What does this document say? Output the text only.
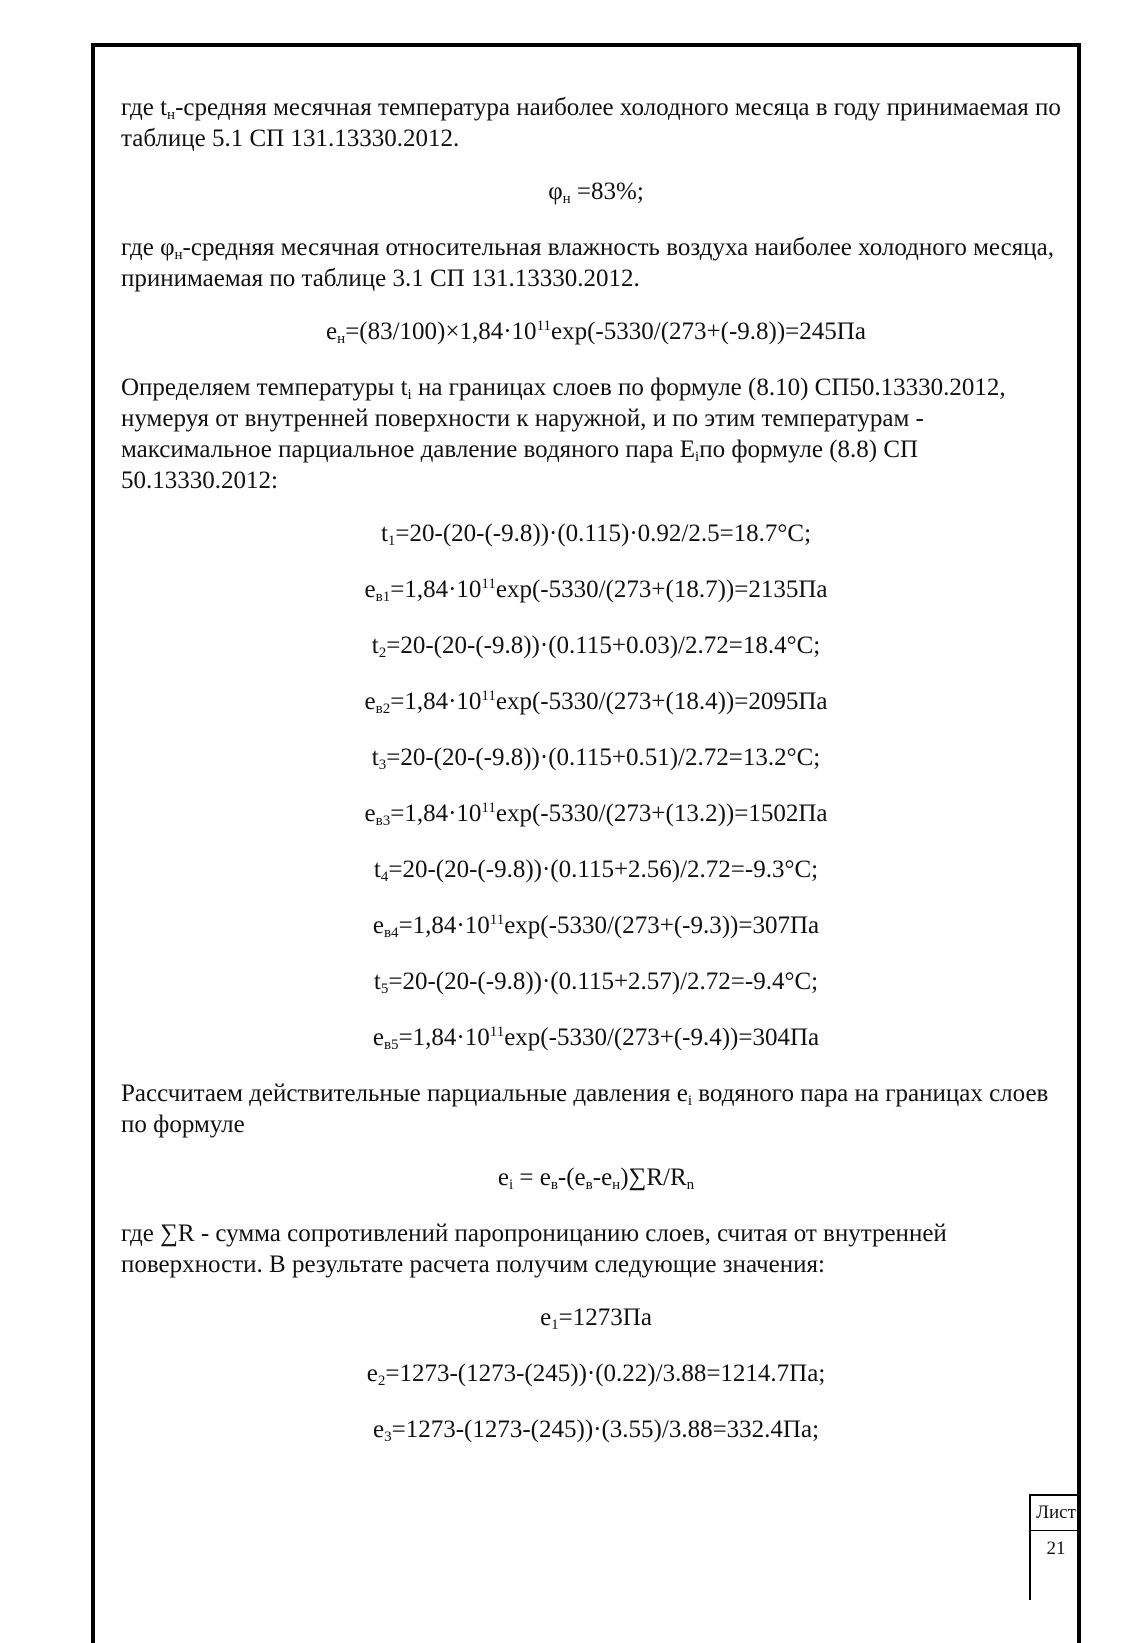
где $t_н$-средняя месячная температура наиболее холодного месяца в году принимаемая по таблице 5.1 СП 131.13330.2012.

$\varphi_н =83\%$;

где $\varphi_н$-средняя месячная относительная влажность воздуха наиболее холодного месяца, принимаемая по таблице 3.1 СП 131.13330.2012.

$e_н=(83/100)\times 1,84\cdot 10^{11}\exp(-5330/(273+(-9.8))=245Па$

Определяем температуры $t_i$ на границах слоев по формуле (8.10) СП50.13330.2012, нумеруя от внутренней поверхности к наружной, и по этим температурам - максимальное парциальное давление водяного пара $E_iпо$ формуле (8.8) СП 50.13330.2012:

$t_1=20-(20-(-9.8))\cdot(0.115)\cdot 0.92/2.5=18.7^\circ C$;

$e_{в1}=1,84\cdot 10^{11}\exp(-5330/(273+(18.7))=2135Па$

$t_2=20-(20-(-9.8))\cdot(0.115+0.03)/2.72=18.4^\circ C$;

$e_{в2}=1,84\cdot 10^{11}\exp(-5330/(273+(18.4))=2095Па$

$t_3=20-(20-(-9.8))\cdot(0.115+0.51)/2.72=13.2^\circ C$;

$e_{в3}=1,84\cdot 10^{11}\exp(-5330/(273+(13.2))=1502Па$

$t_4=20-(20-(-9.8))\cdot(0.115+2.56)/2.72=-9.3^\circ C$;

$e_{в4}=1,84\cdot 10^{11}\exp(-5330/(273+(-9.3))=307Па$

$t_5=20-(20-(-9.8))\cdot(0.115+2.57)/2.72=-9.4^\circ C$;

$e_{в5}=1,84\cdot 10^{11}\exp(-5330/(273+(-9.4))=304Па$

Рассчитаем действительные парциальные давления $e_i$ водяного пара на границах слоев по формуле

$e_i = e_в-(e_в-e_н)\sum R/R_n$

где ∑R - сумма сопротивлений паропроницанию слоев, считая от внутренней поверхности. В результате расчета получим следующие значения:

$e_1=1273Па$

$e_2=1273-(1273-(245))\cdot(0.22)/3.88=1214.7Па$;

$e_3=1273-(1273-(245))\cdot(3.55)/3.88=332.4Па$;

Лист
21
